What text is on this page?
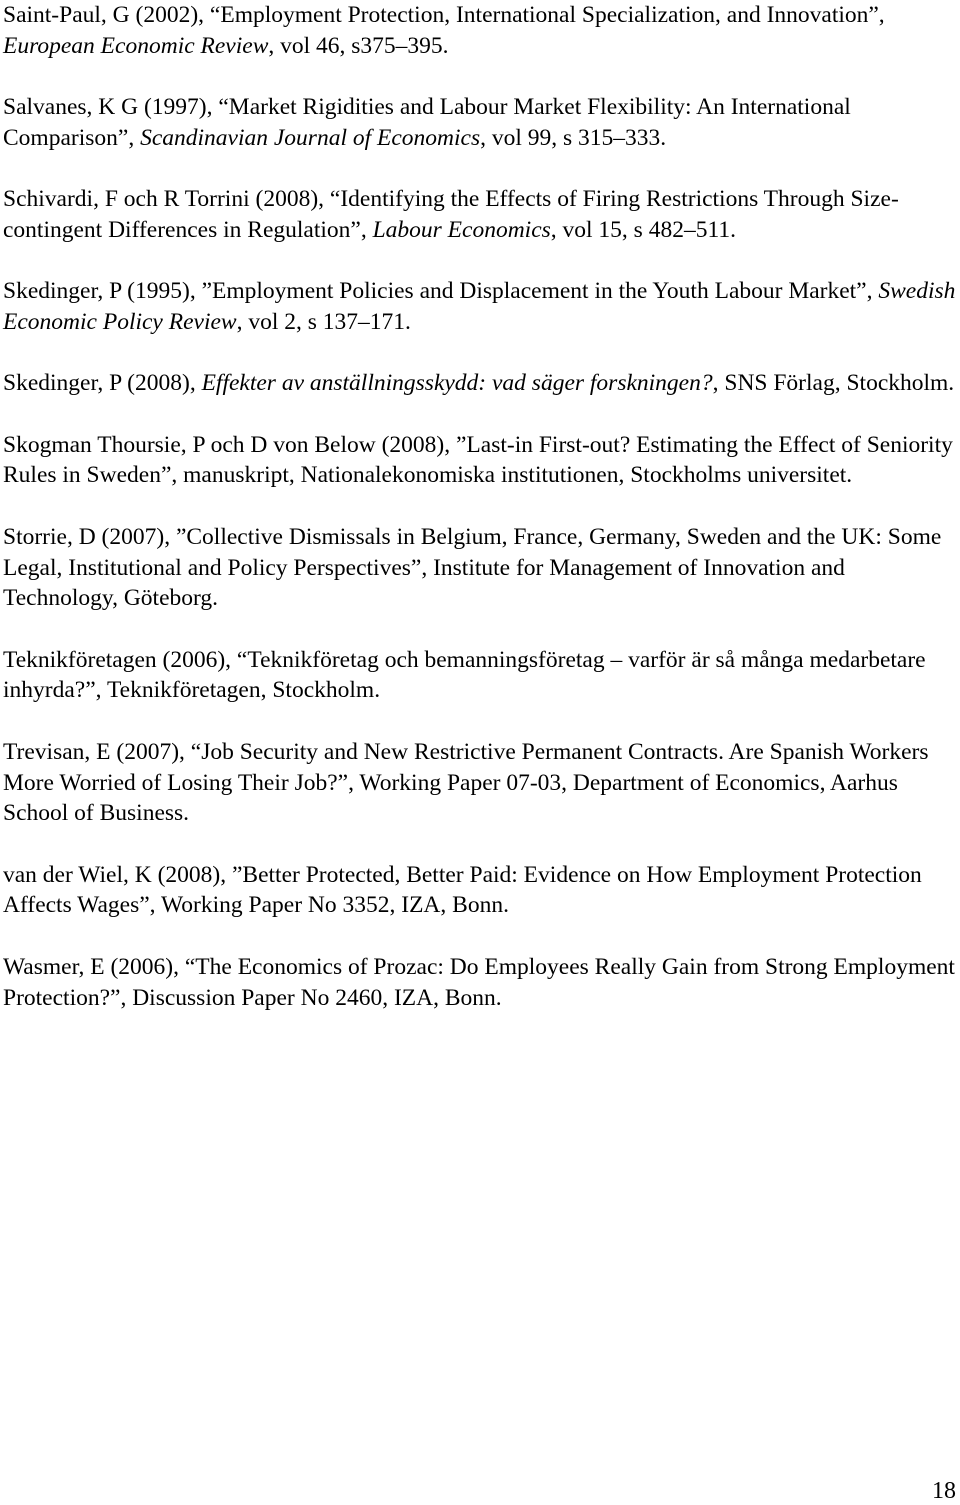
Saint-Paul, G (2002), “Employment Protection, International Specialization, and Innovation”, European Economic Review, vol 46, s375–395.

Salvanes, K G (1997), “Market Rigidities and Labour Market Flexibility: An International Comparison”, Scandinavian Journal of Economics, vol 99, s 315–333.

Schivardi, F och R Torrini (2008), “Identifying the Effects of Firing Restrictions Through Size-contingent Differences in Regulation”, Labour Economics, vol 15, s 482–511.

Skedinger, P (1995), ”Employment Policies and Displacement in the Youth Labour Market”, Swedish Economic Policy Review, vol 2, s 137–171.

Skedinger, P (2008), Effekter av anställningsskydd: vad säger forskningen?, SNS Förlag, Stockholm.

Skogman Thoursie, P och D von Below (2008), ”Last-in First-out? Estimating the Effect of Seniority Rules in Sweden”, manuskript, Nationalekonomiska institutionen, Stockholms universitet.

Storrie, D (2007), ”Collective Dismissals in Belgium, France, Germany, Sweden and the UK: Some Legal, Institutional and Policy Perspectives”, Institute for Management of Innovation and Technology, Göteborg.

Teknikföretagen (2006), “Teknikföretag och bemanningsföretag – varför är så många medarbetare inhyrda?”, Teknikföretagen, Stockholm.

Trevisan, E (2007), “Job Security and New Restrictive Permanent Contracts. Are Spanish Workers More Worried of Losing Their Job?”, Working Paper 07-03, Department of Economics, Aarhus School of Business.

van der Wiel, K (2008), ”Better Protected, Better Paid: Evidence on How Employment Protection Affects Wages”, Working Paper No 3352, IZA, Bonn.

Wasmer, E (2006), “The Economics of Prozac: Do Employees Really Gain from Strong Employment Protection?”, Discussion Paper No 2460, IZA, Bonn.

18
